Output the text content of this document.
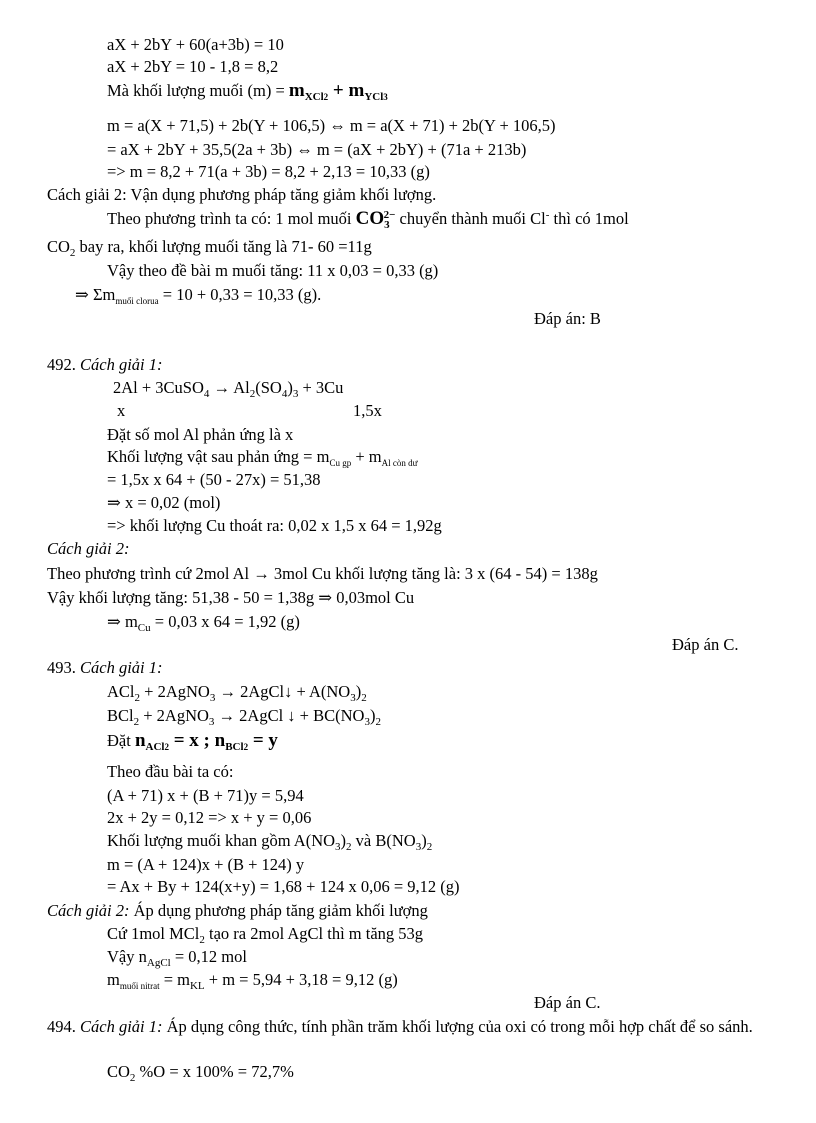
aX + 2bY + 60(a+3b) = 10
aX + 2bY = 10 - 1,8 = 8,2
Mà khối lượng muối $(m) = m_{XCl2} + m_{YCl3}$
m = a(X + 71,5) + 2b(Y + 106,5) ⇔ m = a(X + 71) + 2b(Y + 106,5)
= aX + 2bY + 35,5(2a + 3b) ⇔ m = (aX + 2bY) + (71a + 213b)
=> m = 8,2 + 71(a + 3b) = 8,2 + 2,13 = 10,33 (g)
Cách giải 2: Vận dụng phương pháp tăng giảm khối lượng.
Theo phương trình ta có: 1 mol muối $CO_3^{2-}$ chuyển thành muối Cl- thì có 1mol
$CO_2$ bay ra, khối lượng muối tăng là 71- 60 =11g
Vậy theo đề bài m muối tăng: 11 x 0,03 = 0,33 (g)
⇒ $\Sigma m_{muối clorua} = 10 + 0,33 = 10,33$ (g).
Đáp án: B
492. Cách giải 1:
2Al + 3CuSO$_4$ → $Al_2(SO_4)_3 + 3Cu$
x	1,5x
Đặt số mol Al phản ứng là x
Khối lượng vật sau phản ứng = $m_{Cu gp} + m_{Al còn dư}$
= 1,5x x 64 + (50 - 27x) = 51,38
⇒ x = 0,02 (mol)
=> khối lượng Cu thoát ra: 0,02 x 1,5 x 64 = 1,92g
Cách giải 2:
Theo phương trình cứ 2mol Al → 3mol Cu khối lượng tăng là: 3 x (64 - 54) = 138g
Vậy khối lượng tăng: 51,38 - 50 = 1,38g ⇒ 0,03mol Cu
⇒ $m_{Cu} = 0,03$ x 64 = 1,92 (g)
Đáp án C.
493. Cách giải 1:
ACl$_2$ + 2AgNO$_3$ → 2AgCl↓ + $A(NO_3)_2$
BCl$_2$ + 2AgNO$_3$ → 2AgCl ↓ + $BC(NO_3)_2$
Đặt $n_{ACl2} = x$ ; $n_{BCl2} = y$
Theo đầu bài ta có:
(A + 71) x + (B + 71)y = 5,94
2x + 2y = 0,12 => x + y = 0,06
Khối lượng muối khan gồm $A(NO_3)_2$ và $B(NO_3)_2$
m = (A + 124)x + (B + 124) y
= Ax + By + 124(x+y) = 1,68 + 124 x 0,06 = 9,12 (g)
Cách giải 2: Áp dụng phương pháp tăng giảm khối lượng
Cứ 1mol MCl$_2$ tạo ra 2mol AgCl thì m tăng 53g
Vậy $n_{AgCl} = 0,12$ mol
$m_{muối nitrat} = m_{KL} + m = 5,94 + 3,18 = 9,12$ (g)
Đáp án C.
494. Cách giải 1: Áp dụng công thức, tính phần trăm khối lượng của oxi có trong mỗi hợp chất để so sánh.
$CO_2$ %O = x 100% = 72,7%
